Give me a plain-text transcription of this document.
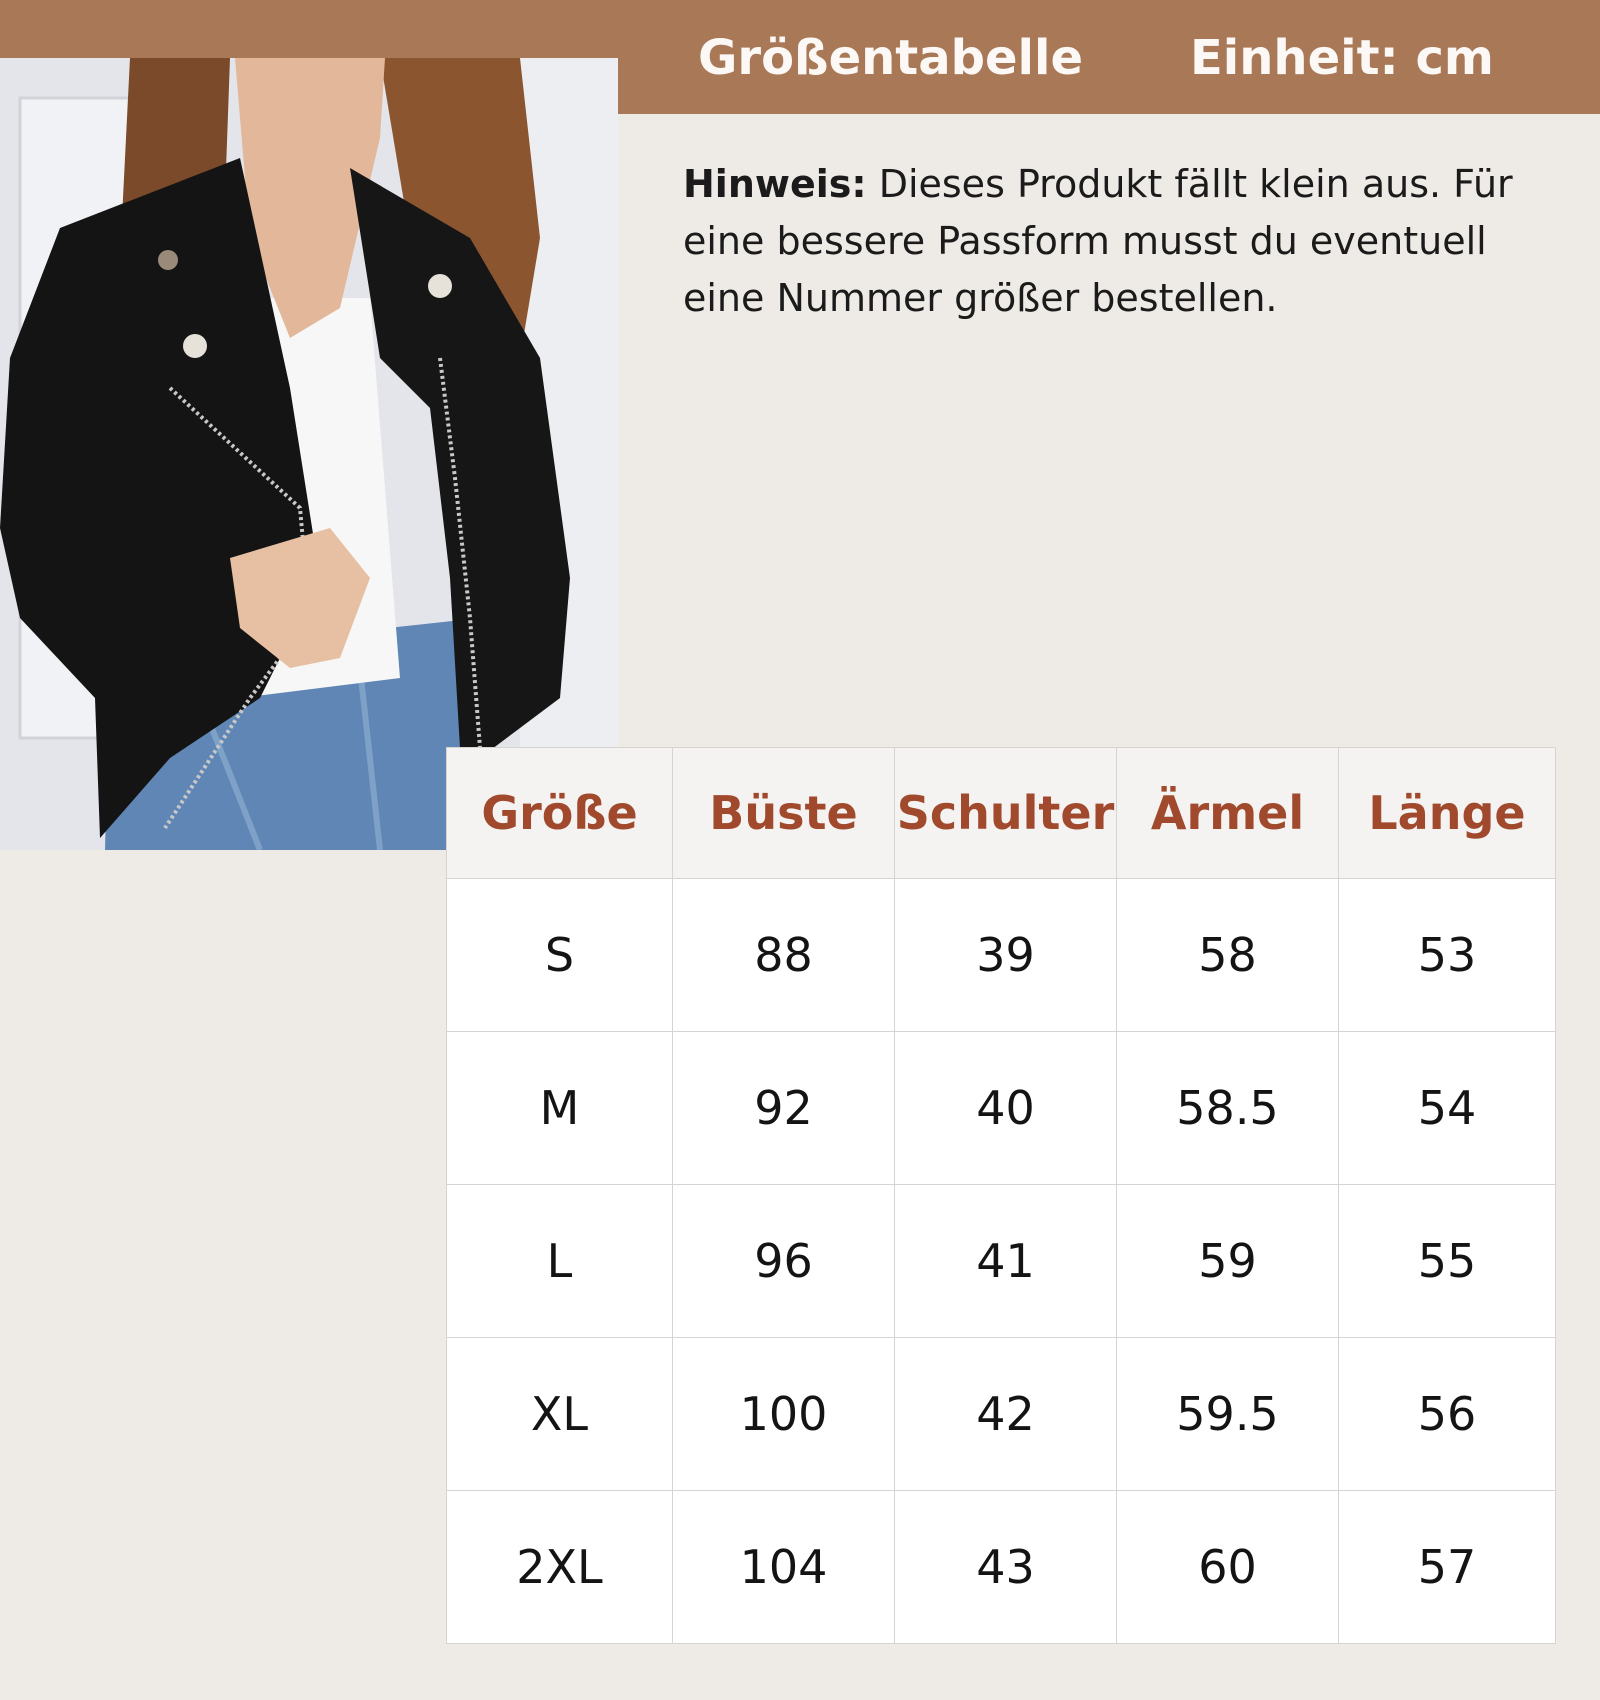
Größentabelle Einheit: cm
Hinweis: Dieses Produkt fällt klein aus. Für eine bessere Passform musst du eventuell eine Nummer größer bestellen.
Größe	Büste	Schulter	Ärmel	Länge
S	88	39	58	53
M	92	40	58.5	54
L	96	41	59	55
XL	100	42	59.5	56
2XL	104	43	60	57
